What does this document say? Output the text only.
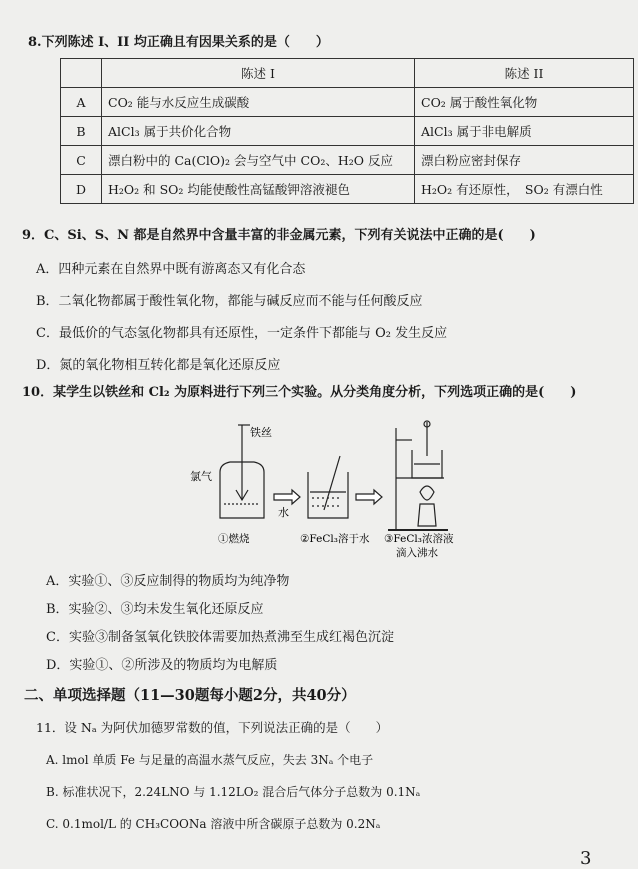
8.下列陈述 I、II 均正确且有因果关系的是（　　）
	陈述 I	陈述 II
A	CO₂ 能与水反应生成碳酸	CO₂ 属于酸性氧化物
B	AlCl₃ 属于共价化合物	AlCl₃ 属于非电解质
C	漂白粉中的 Ca(ClO)₂ 会与空气中 CO₂、H₂O 反应	漂白粉应密封保存
D	H₂O₂ 和 SO₂ 均能使酸性高锰酸钾溶液褪色	H₂O₂ 有还原性，　SO₂ 有漂白性
9．C、Si、S、N 都是自然界中含量丰富的非金属元素，下列有关说法中正确的是(　　)
A．四种元素在自然界中既有游离态又有化合态
B．二氧化物都属于酸性氧化物，都能与碱反应而不能与任何酸反应
C．最低价的气态氢化物都具有还原性，一定条件下都能与 O₂ 发生反应
D．氮的氧化物相互转化都是氧化还原反应
10．某学生以铁丝和 Cl₂ 为原料进行下列三个实验。从分类角度分析，下列选项正确的是(　　)
铁丝
氯气
水
①燃烧	②FeCl₃溶于水 ③FeCl₃浓溶液
滴入沸水
A．实验①、③反应制得的物质均为纯净物
B．实验②、③均未发生氧化还原反应
C．实验③制备氢氧化铁胶体需要加热煮沸至生成红褐色沉淀
D．实验①、②所涉及的物质均为电解质
二、单项选择题（11—30题每小题2分，共40分）
11．设 Nₐ 为阿伏加德罗常数的值，下列说法正确的是（　　）
A. lmol 单质 Fe 与足量的高温水蒸气反应，失去 3Nₐ 个电子
B. 标准状况下，2.24LNO 与 1.12LO₂ 混合后气体分子总数为 0.1Nₐ
C. 0.1mol/L 的 CH₃COONa 溶液中所含碳原子总数为 0.2Nₐ
3
